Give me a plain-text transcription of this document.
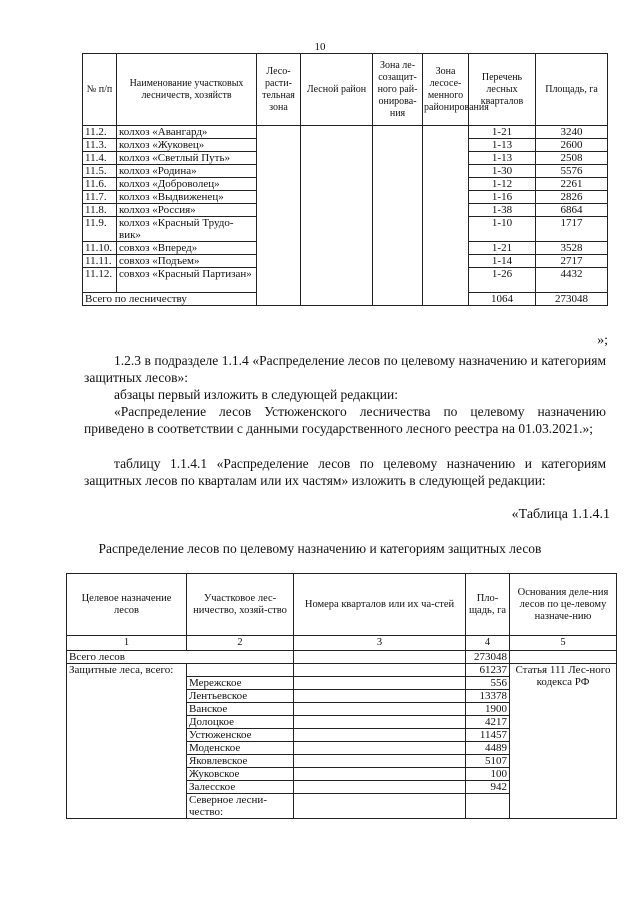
10
№ п/п	Наименование участковых лесничеств, хозяйств	Лесо-расти-тельная зона	Лесной район	Зона ле-созащит-ного рай-онирова-ния	Зона лесосе-менного районирования	Перечень лесных кварталов	Площадь, га
11.2.	колхоз «Авангард»					1-21	3240
11.3.	колхоз «Жуковец»					1-13	2600
11.4.	колхоз «Светлый Путь»					1-13	2508
11.5.	колхоз «Родина»					1-30	5576
11.6.	колхоз «Доброволец»					1-12	2261
11.7.	колхоз «Выдвиженец»					1-16	2826
11.8.	колхоз «Россия»					1-38	6864
11.9.	колхоз «Красный Трудо-вик»					1-10	1717
11.10.	совхоз «Вперед»					1-21	3528
11.11.	совхоз «Подъем»					1-14	2717
11.12.	совхоз «Красный Партизан»					1-26	4432
Всего по лесничеству						1064	273048
»;

1.2.3 в подразделе 1.1.4 «Распределение лесов по целевому назначению и категориям защитных лесов»:

абзацы первый изложить в следующей редакции:

«Распределение лесов Устюженского лесничества по целевому назначению приведено в соответствии с данными государственного лесного реестра на 01.03.2021.»;

таблицу 1.1.4.1 «Распределение лесов по целевому назначению и категориям защитных лесов по кварталам или их частям» изложить в следующей редакции:

«Таблица 1.1.4.1
Распределение лесов по целевому назначению и категориям защитных лесов
Целевое назначение лесов	Участковое лес-ничество, хозяй-ство	Номера кварталов или их ча-стей	Пло-щадь, га	Основания деле-ния лесов по це-левому назначе-нию
1	2	3	4	5
Всего лесов			273048	
Защитные леса, всего:			61237	Статья 111 Лес-ного кодекса РФ
	Мережское		556	
	Лентьевское		13378	
	Ванское		1900	
	Долоцкое		4217	
	Устюженское		11457	
	Моденское		4489	
	Яковлевское		5107	
	Жуковское		100	
	Залесское		942	
	Северное лесни-чество:			
